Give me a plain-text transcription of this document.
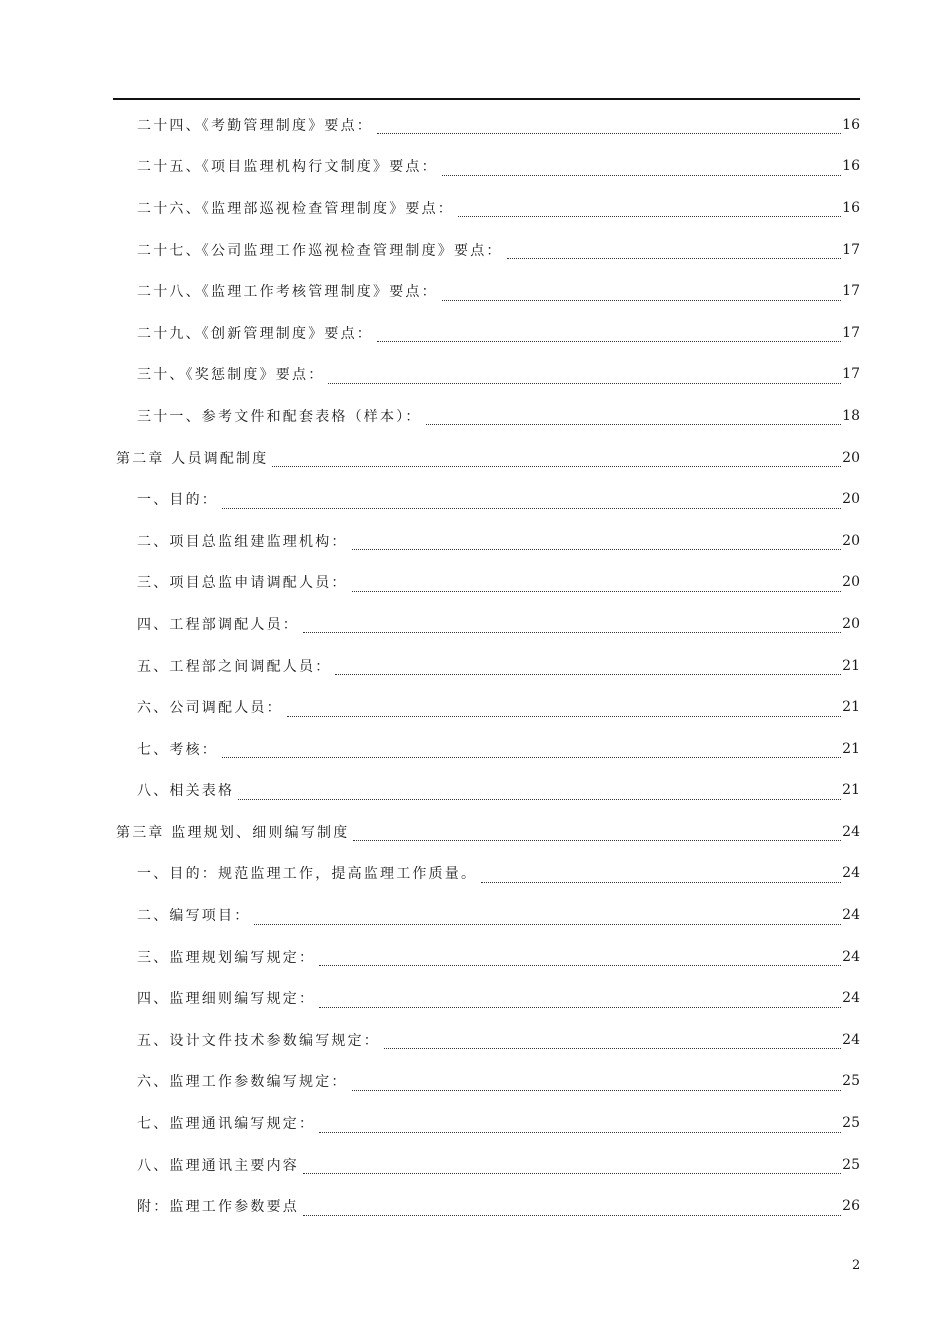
二十四、《考勤管理制度》要点：	16
二十五、《项目监理机构行文制度》要点：	16
二十六、《监理部巡视检查管理制度》要点：	16
二十七、《公司监理工作巡视检查管理制度》要点：	17
二十八、《监理工作考核管理制度》要点：	17
二十九、《创新管理制度》要点：	17
三十、《奖惩制度》要点：	17
三十一、参考文件和配套表格（样本）：	18
第二章 人员调配制度	20
一、目的：	20
二、项目总监组建监理机构：	20
三、项目总监申请调配人员：	20
四、工程部调配人员：	20
五、工程部之间调配人员：	21
六、公司调配人员：	21
七、考核：	21
八、相关表格	21
第三章 监理规划、细则编写制度	24
一、目的：规范监理工作，提高监理工作质量。	24
二、编写项目：	24
三、监理规划编写规定：	24
四、监理细则编写规定：	24
五、设计文件技术参数编写规定：	24
六、监理工作参数编写规定：	25
七、监理通讯编写规定：	25
八、监理通讯主要内容	25
附：监理工作参数要点	26
2
